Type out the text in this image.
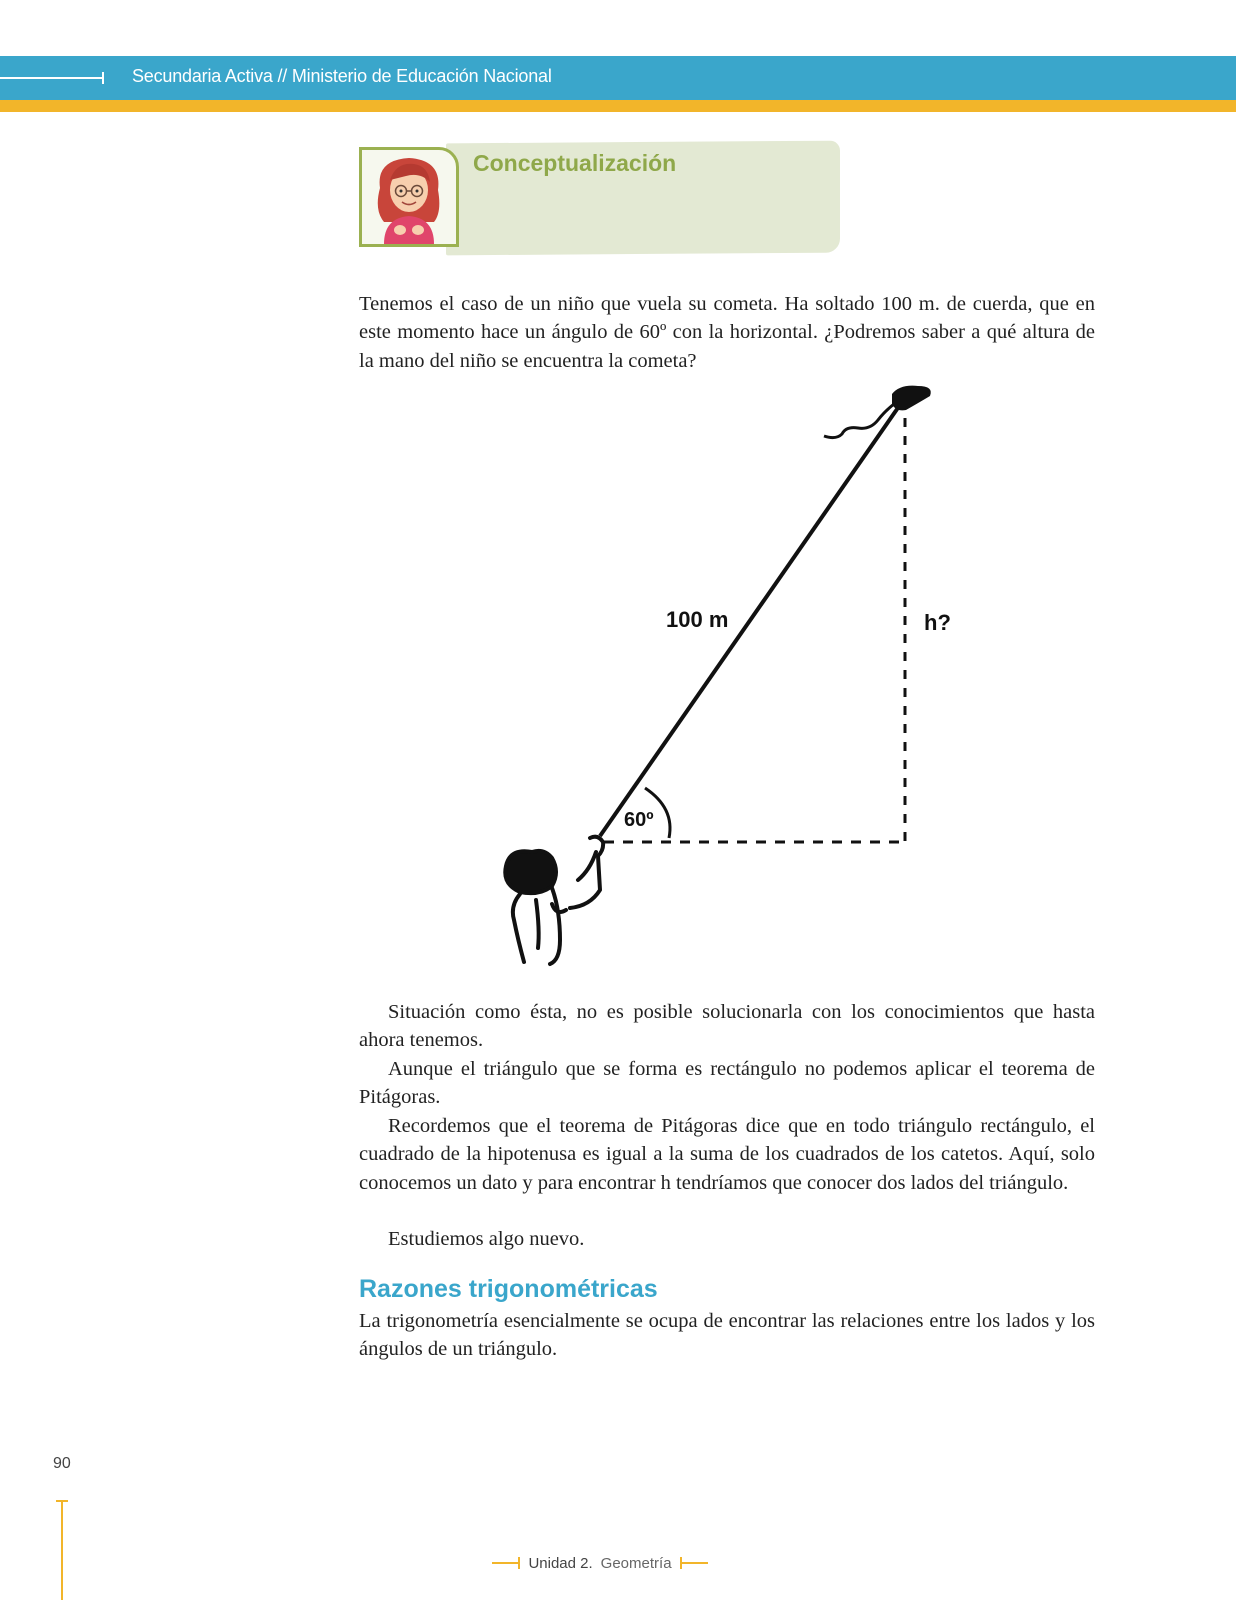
Secundaria Activa // Ministerio de Educación Nacional
Conceptualización

Tenemos el caso de un niño que vuela su cometa. Ha soltado 100 m. de cuerda, que en este momento hace un ángulo de 60º con la horizontal. ¿Podremos saber a qué altura de la mano del niño se encuentra la cometa?

100 m	h?
60º

Situación como ésta, no es posible solucionarla con los conocimientos que hasta ahora tenemos.

Aunque el triángulo que se forma es rectángulo no podemos aplicar el teorema de Pitágoras.

Recordemos que el teorema de Pitágoras dice que en todo triángulo rectángulo, el cuadrado de la hipotenusa es igual a la suma de los cuadrados de los catetos. Aquí, solo conocemos un dato y para encontrar h tendríamos que conocer dos lados del triángulo.

Estudiemos algo nuevo.

Razones trigonométricas

La trigonometría esencialmente se ocupa de encontrar las relaciones entre los lados y los ángulos de un triángulo.

90
Unidad 2. Geometría
